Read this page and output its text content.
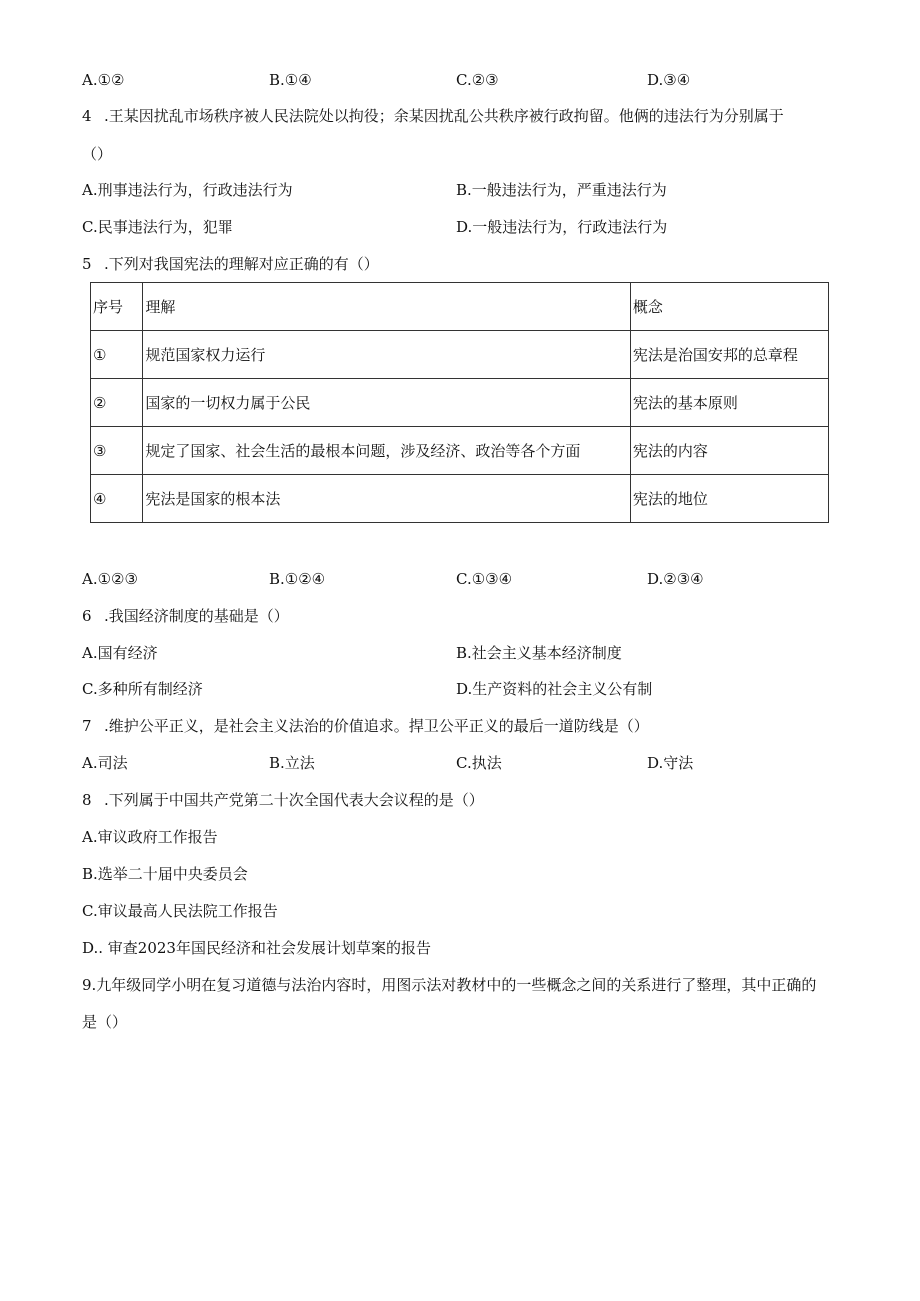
A.①②	B.①④	C.②③	D.③④
4 .王某因扰乱市场秩序被人民法院处以拘役；余某因扰乱公共秩序被行政拘留。他俩的违法行为分别属于
（）
A.刑事违法行为，行政违法行为	B.一般违法行为，严重违法行为
C.民事违法行为，犯罪	D.一般违法行为，行政违法行为
5 .下列对我国宪法的理解对应正确的有（）
序号	理解	概念
①	规范国家权力运行	宪法是治国安邦的总章程
②	国家的一切权力属于公民	宪法的基本原则
③	规定了国家、社会生活的最根本问题，涉及经济、政治等各个方面	宪法的内容
④	宪法是国家的根本法	宪法的地位
A.①②③	B.①②④	C.①③④	D.②③④
6 .我国经济制度的基础是（）
A.国有经济	B.社会主义基本经济制度
C.多种所有制经济	D.生产资料的社会主义公有制
7 .维护公平正义，是社会主义法治的价值追求。捍卫公平正义的最后一道防线是（）
A.司法	B.立法	C.执法	D.守法
8 .下列属于中国共产党第二十次全国代表大会议程的是（）
A.审议政府工作报告
B.选举二十届中央委员会
C.审议最高人民法院工作报告
D.. 审查2023年国民经济和社会发展计划草案的报告
9.九年级同学小明在复习道德与法治内容时，用图示法对教材中的一些概念之间的关系进行了整理，其中正确的
是（）
